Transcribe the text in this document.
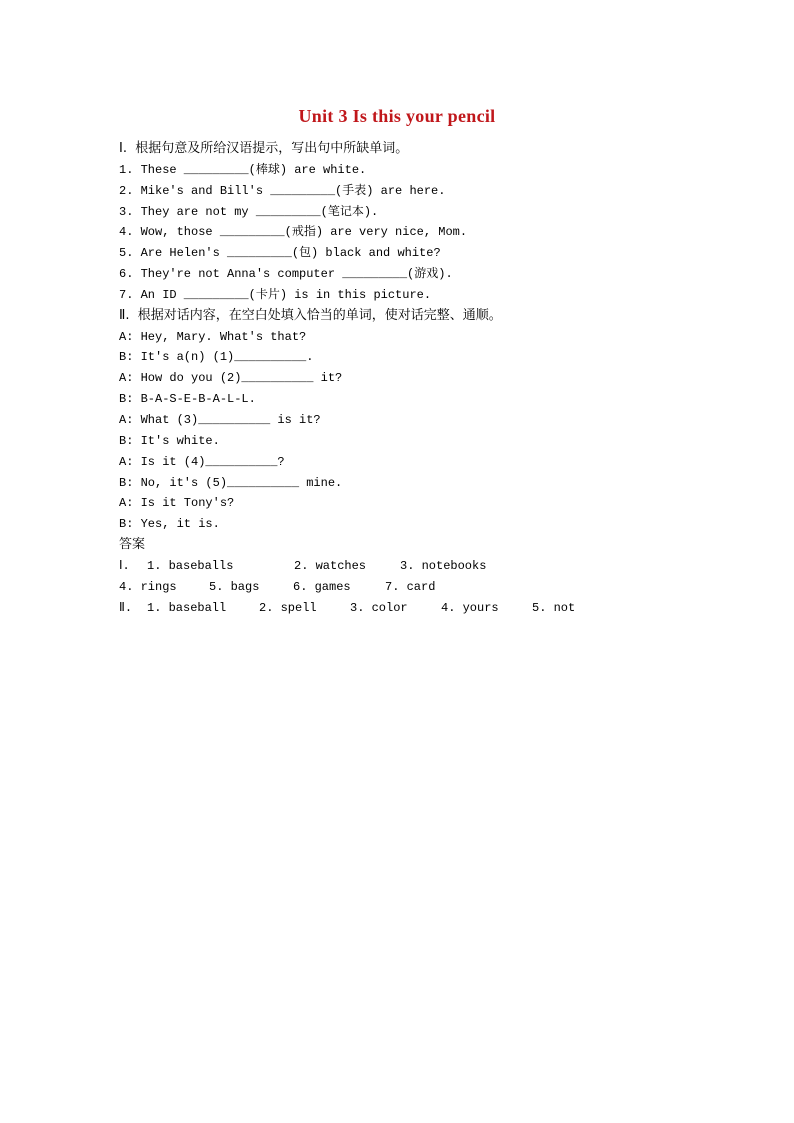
Unit 3 Is this your pencil
Ⅰ.  根据句意及所给汉语提示，写出句中所缺单词。
1. These _________(棒球) are white.
2. Mike's and Bill's _________(手表) are here.
3. They are not my _________(笔记本).
4. Wow, those _________(戒指) are very nice, Mom.
5. Are Helen's _________(包) black and white?
6. They're not Anna's computer _________(游戏).
7. An ID _________(卡片) is in this picture.
Ⅱ.  根据对话内容，在空白处填入恰当的单词，使对话完整、通顺。
A: Hey, Mary. What's that?
B: It's a(n) (1)__________.
A: How do you (2)__________ it?
B: B-A-S-E-B-A-L-L.
A: What (3)__________ is it?
B: It's white.
A: Is it (4)__________?
B: No, it's (5)__________ mine.
A: Is it Tony's?
B: Yes, it is.
答案
Ⅰ. 1. baseballs	2. watches	3. notebooks
4. rings	5. bags	6. games	7. card
Ⅱ. 1. baseball	2. spell	3. color	4. yours	5. not
